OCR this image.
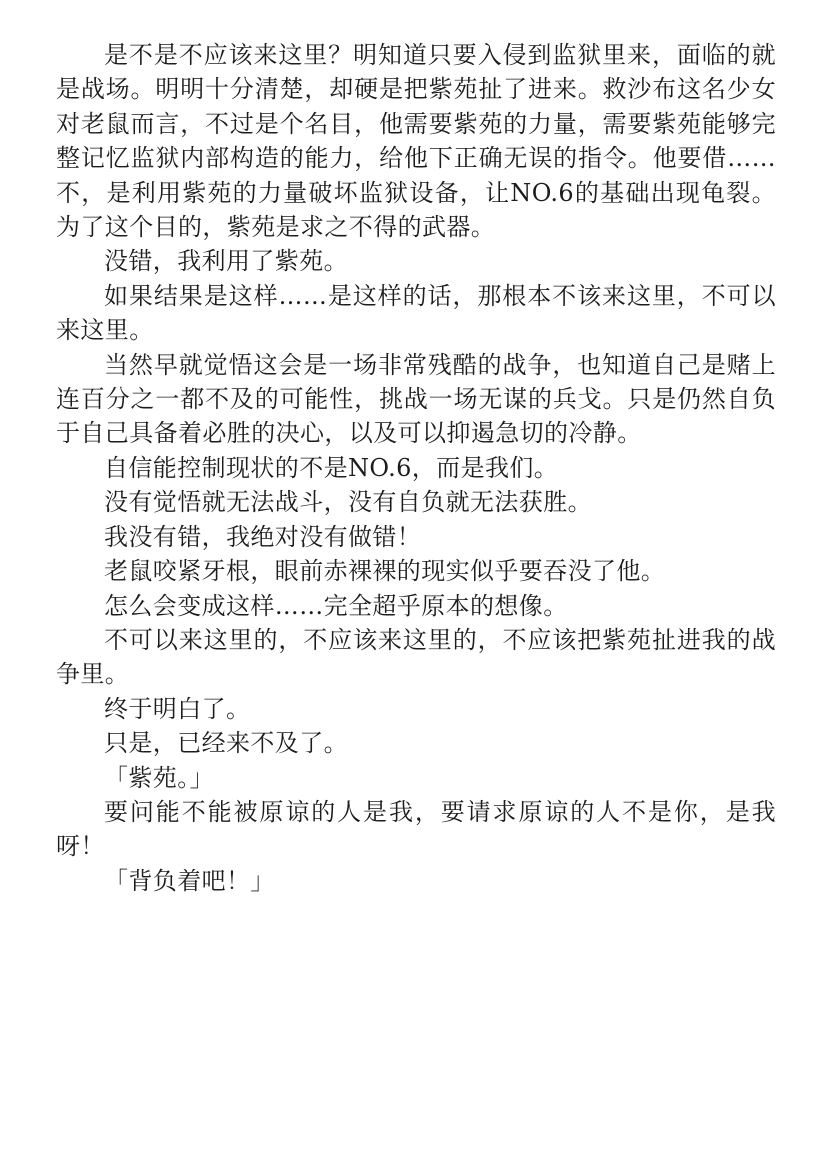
是不是不应该来这里？明知道只要入侵到监狱里来，面临的就是战场。明明十分清楚，却硬是把紫苑扯了进来。救沙布这名少女对老鼠而言，不过是个名目，他需要紫苑的力量，需要紫苑能够完整记忆监狱内部构造的能力，给他下正确无误的指令。他要借……不，是利用紫苑的力量破坏监狱设备，让NO.6的基础出现龟裂。为了这个目的，紫苑是求之不得的武器。

没错，我利用了紫苑。

如果结果是这样……是这样的话，那根本不该来这里，不可以来这里。

当然早就觉悟这会是一场非常残酷的战争，也知道自己是赌上连百分之一都不及的可能性，挑战一场无谋的兵戈。只是仍然自负于自己具备着必胜的决心，以及可以抑遏急切的冷静。

自信能控制现状的不是NO.6，而是我们。

没有觉悟就无法战斗，没有自负就无法获胜。

我没有错，我绝对没有做错！

老鼠咬紧牙根，眼前赤裸裸的现实似乎要吞没了他。

怎么会变成这样……完全超乎原本的想像。

不可以来这里的，不应该来这里的，不应该把紫苑扯进我的战争里。

终于明白了。

只是，已经来不及了。

「紫苑。」

要问能不能被原谅的人是我，要请求原谅的人不是你，是我呀！

「背负着吧！」
